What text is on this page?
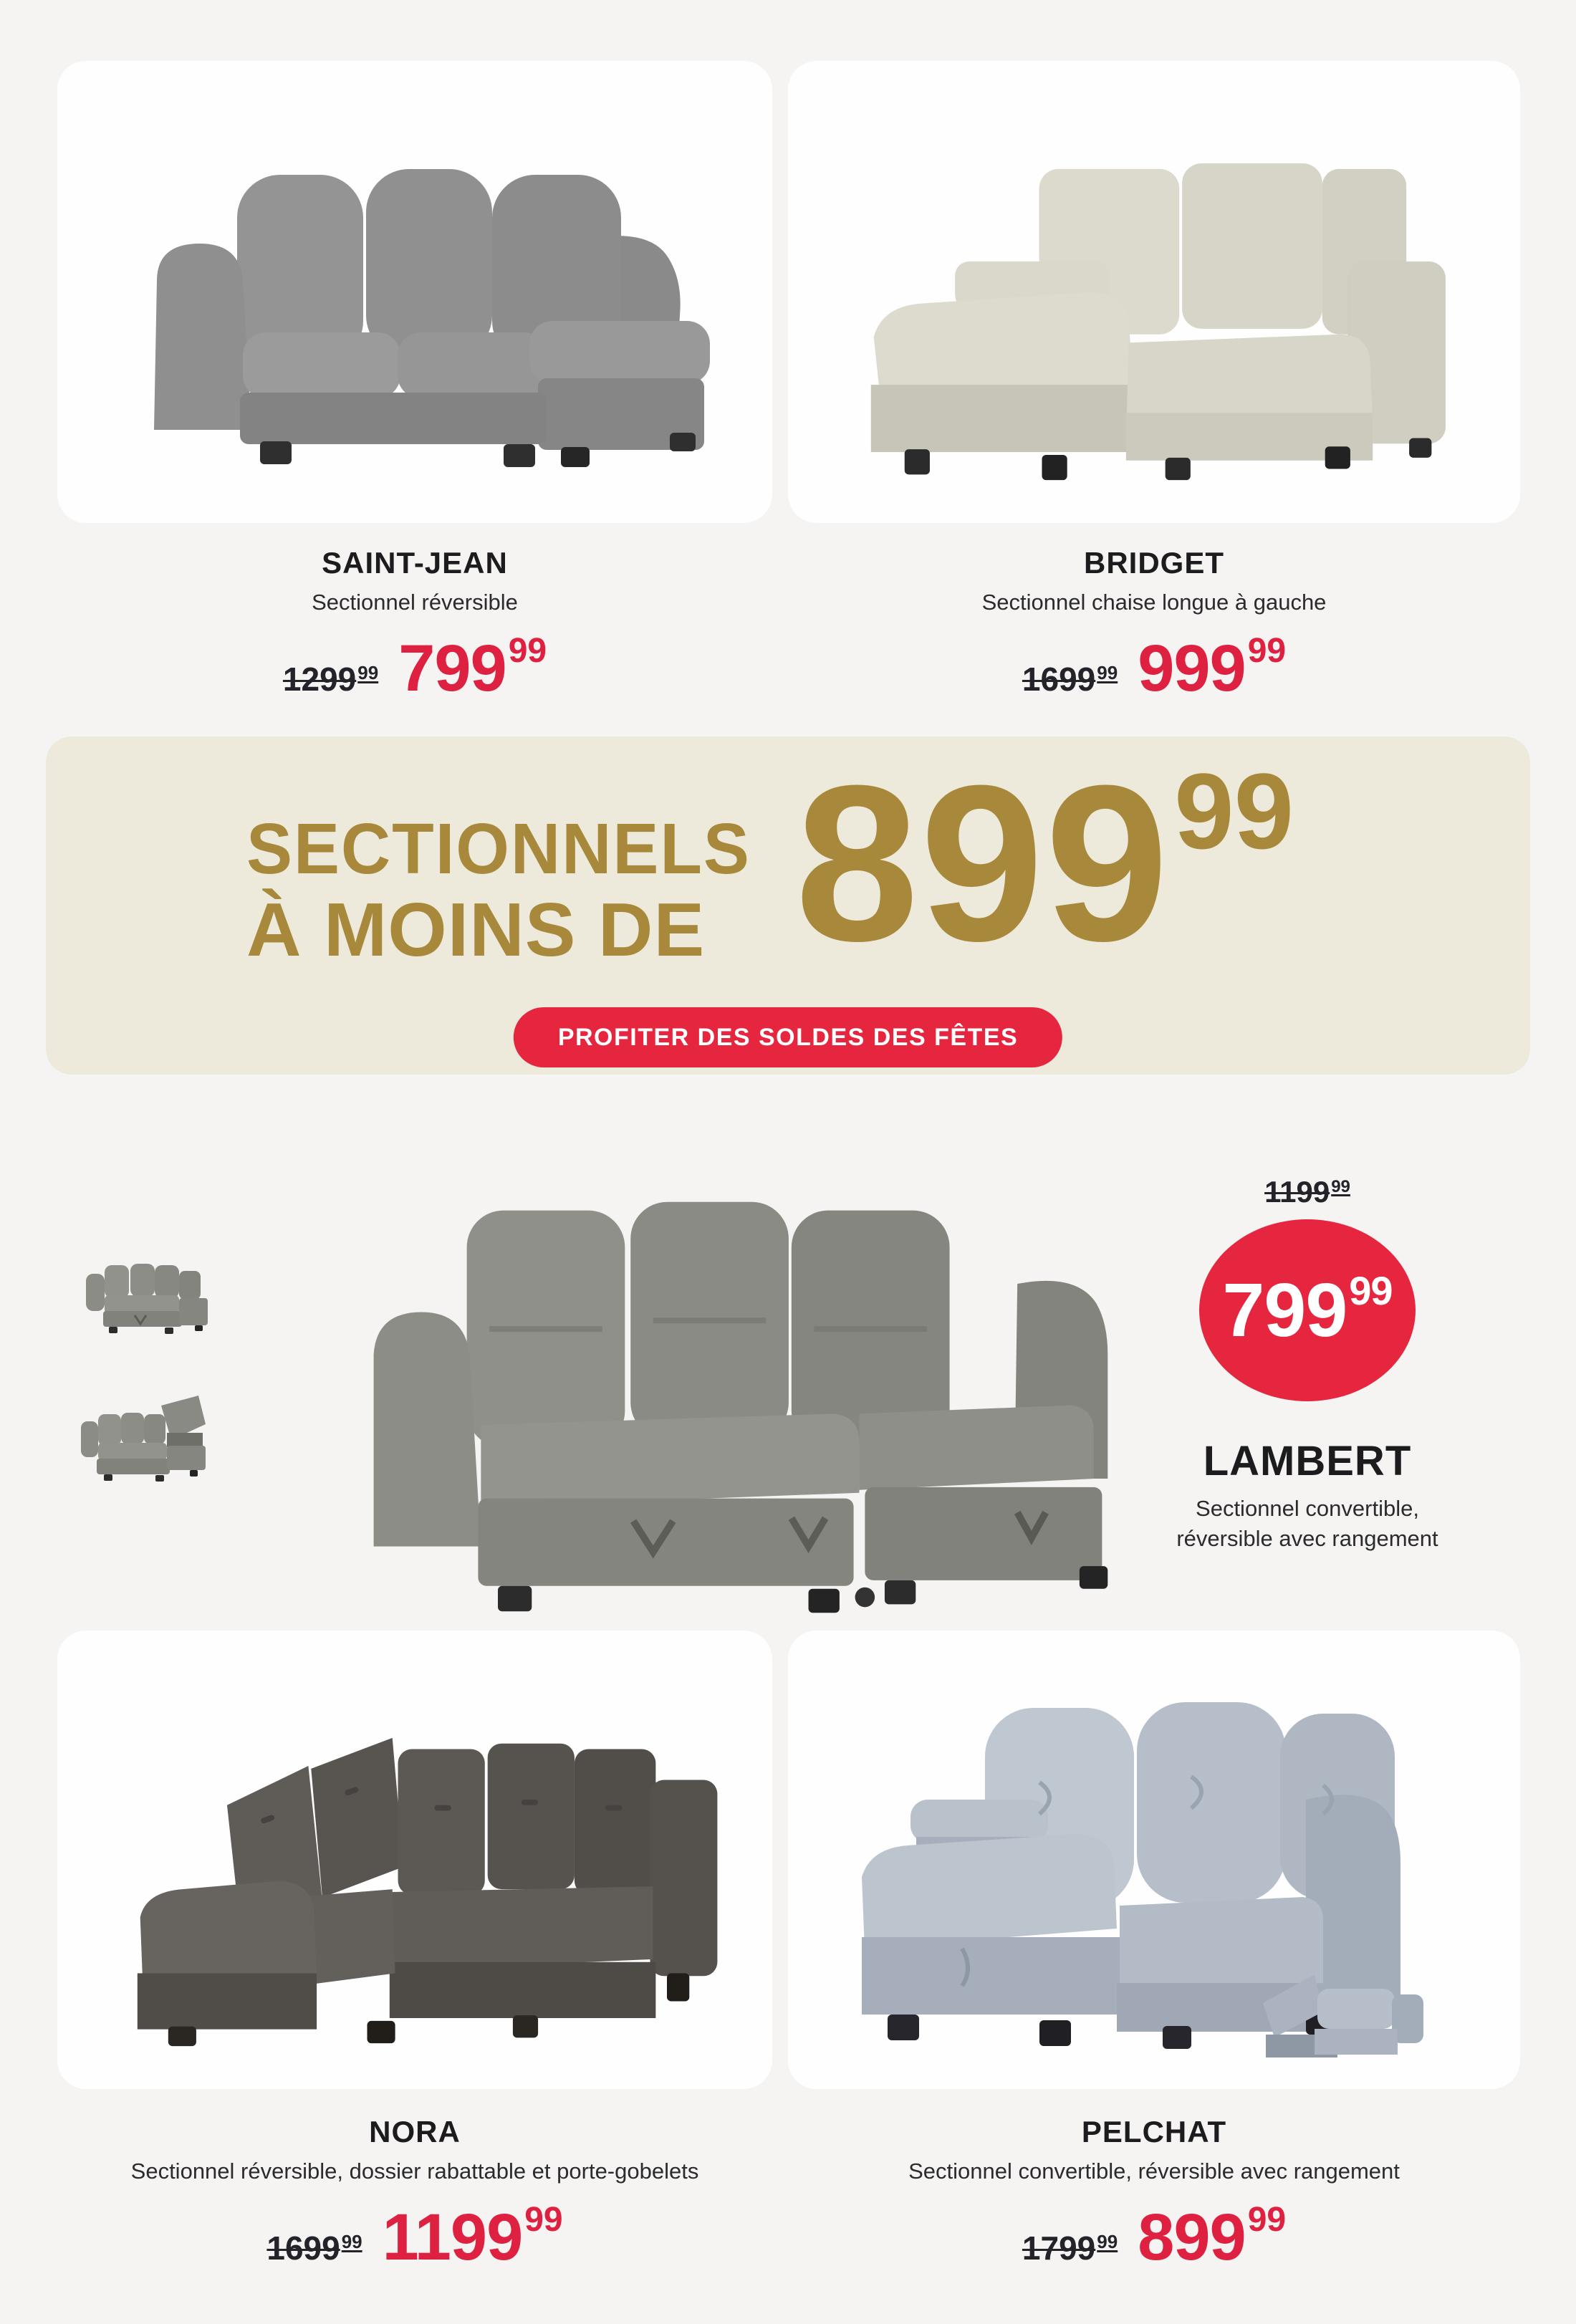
SAINT-JEAN
Sectionnel réversible
1299$^{99}$ $799^{99}$
BRIDGET
Sectionnel chaise longue à gauche
1699$^{99}$ $999^{99}$
SECTIONNELS
À MOINS DE $899^{99}$
PROFITER DES SOLDES DES FÊTES
1199$^{99}$
$799^{99}$
LAMBERT
Sectionnel convertible,
réversible avec rangement
NORA
Sectionnel réversible, dossier rabattable et porte-gobelets
1699$^{99}$ 1199$^{99}$
PELCHAT
Sectionnel convertible, réversible avec rangement
1799$^{99}$ $899^{99}$
